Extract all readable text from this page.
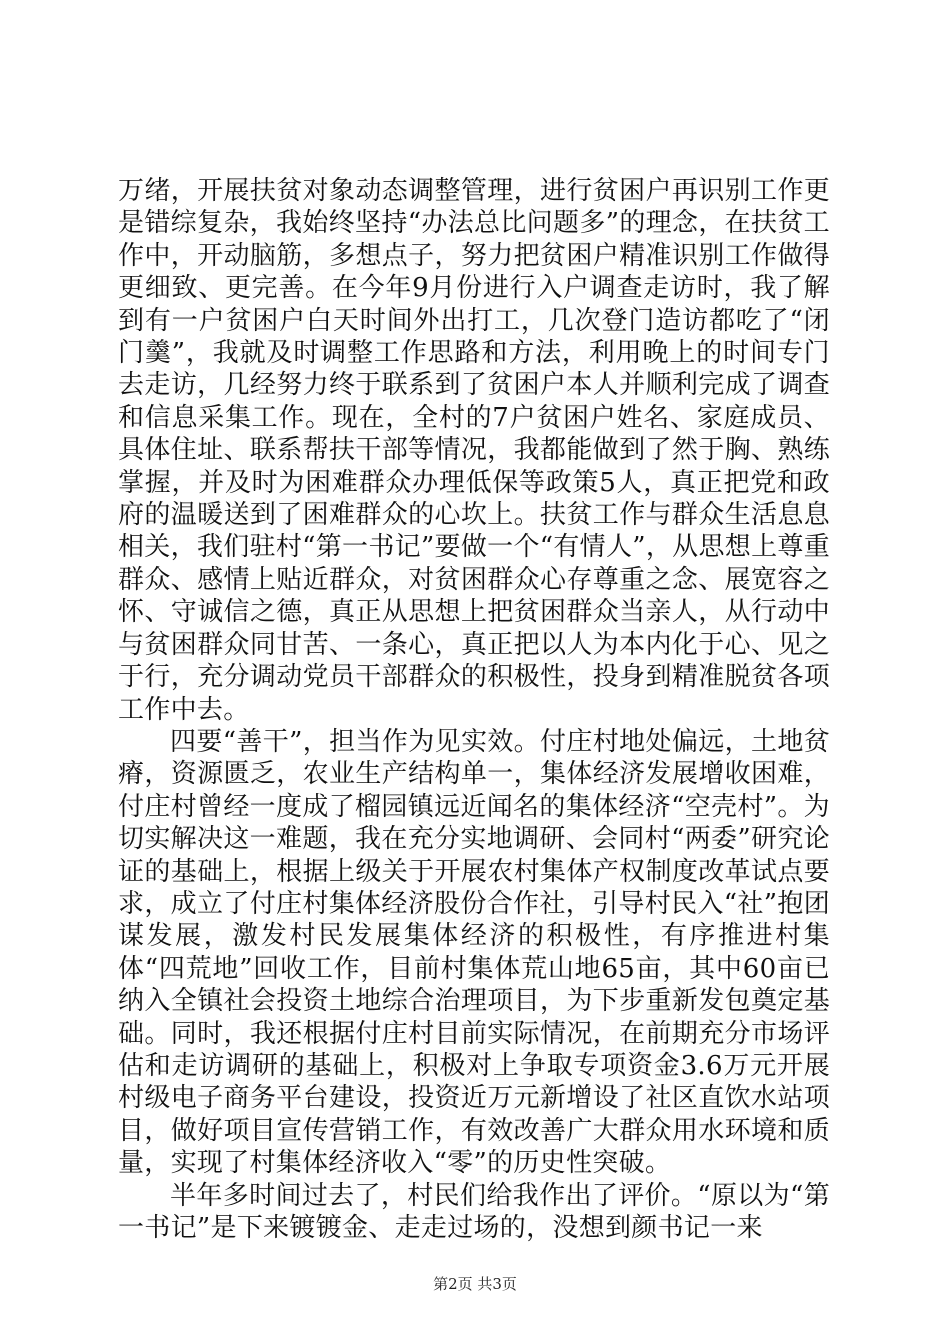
万绪，开展扶贫对象动态调整管理，进行贫困户再识别工作更是错综复杂，我始终坚持“办法总比问题多”的理念，在扶贫工作中，开动脑筋，多想点子，努力把贫困户精准识别工作做得更细致、更完善。在今年9月份进行入户调查走访时，我了解到有一户贫困户白天时间外出打工，几次登门造访都吃了“闭门羹”，我就及时调整工作思路和方法，利用晚上的时间专门去走访，几经努力终于联系到了贫困户本人并顺利完成了调查和信息采集工作。现在，全村的7户贫困户姓名、家庭成员、具体住址、联系帮扶干部等情况，我都能做到了然于胸、熟练掌握，并及时为困难群众办理低保等政策5人，真正把党和政府的温暖送到了困难群众的心坎上。扶贫工作与群众生活息息相关，我们驻村“第一书记”要做一个“有情人”，从思想上尊重群众、感情上贴近群众，对贫困群众心存尊重之念、展宽容之怀、守诚信之德，真正从思想上把贫困群众当亲人，从行动中与贫困群众同甘苦、一条心，真正把以人为本内化于心、见之于行，充分调动党员干部群众的积极性，投身到精准脱贫各项工作中去。

四要“善干”，担当作为见实效。付庄村地处偏远，土地贫瘠，资源匮乏，农业生产结构单一，集体经济发展增收困难，付庄村曾经一度成了榴园镇远近闻名的集体经济“空壳村”。为切实解决这一难题，我在充分实地调研、会同村“两委”研究论证的基础上，根据上级关于开展农村集体产权制度改革试点要求，成立了付庄村集体经济股份合作社，引导村民入“社”抱团谋发展，激发村民发展集体经济的积极性，有序推进村集体“四荒地”回收工作，目前村集体荒山地65亩，其中60亩已纳入全镇社会投资土地综合治理项目，为下步重新发包奠定基础。同时，我还根据付庄村目前实际情况，在前期充分市场评估和走访调研的基础上，积极对上争取专项资金3.6万元开展村级电子商务平台建设，投资近万元新增设了社区直饮水站项目，做好项目宣传营销工作，有效改善广大群众用水环境和质量，实现了村集体经济收入“零”的历史性突破。

半年多时间过去了，村民们给我作出了评价。“原以为“第一书记”是下来镀镀金、走走过场的，没想到颜书记一来

第2页 共3页
